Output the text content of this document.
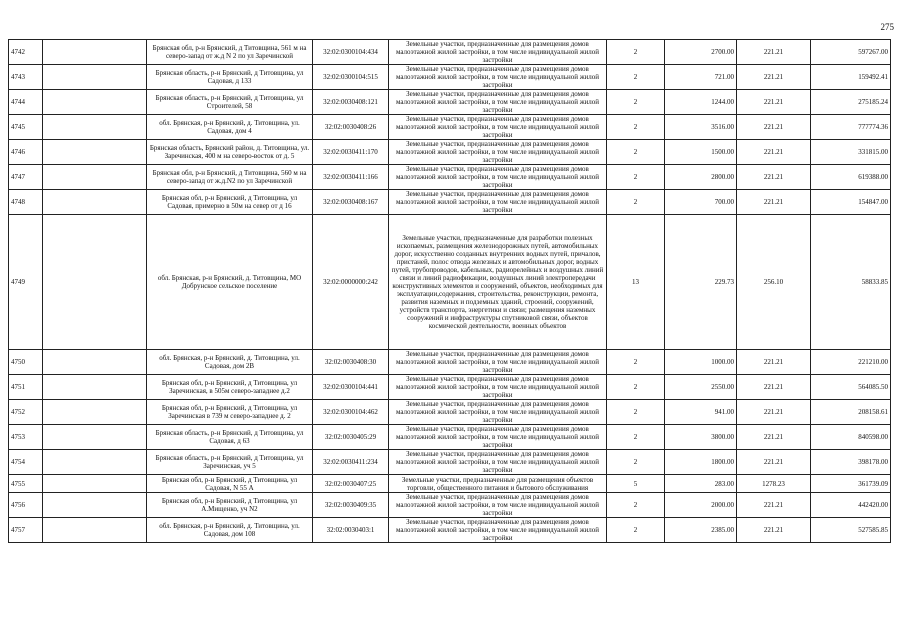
275
4742		Брянская обл, р-н Брянский, д Титовщина, 561 м на северо-запад от ж.д N 2 по ул Заречинской	32:02:0300104:434	Земельные участки, предназначенные для размещения домов малоэтажной жилой застройки, в том числе индивидуальной жилой застройки	2	2700.00	221.21	597267.00
4743		Брянская область, р-н Брянский, д Титовщина, ул Садовая, д 133	32:02:0300104:515	Земельные участки, предназначенные для размещения домов малоэтажной жилой застройки, в том числе индивидуальной жилой застройки	2	721.00	221.21	159492.41
4744		Брянская область, р-н Брянский, д Титовщина, ул Строителей, 58	32:02:0030408:121	Земельные участки, предназначенные для размещения домов малоэтажной жилой застройки, в том числе индивидуальной жилой застройки	2	1244.00	221.21	275185.24
4745		обл. Брянская, р-н Брянский, д. Титовщина, ул. Садовая, дом 4	32:02:0030408:26	Земельные участки, предназначенные для размещения домов малоэтажной жилой застройки, в том числе индивидуальной жилой застройки	2	3516.00	221.21	777774.36
4746		Брянская область, Брянский район, д. Титовщина, ул. Заречинская, 400 м на северо-восток от д. 5	32:02:0030411:170	Земельные участки, предназначенные для размещения домов малоэтажной жилой застройки, в том числе индивидуальной жилой застройки	2	1500.00	221.21	331815.00
4747		Брянская обл, р-н Брянский, д Титовщина, 560 м на северо-запад от ж.д.N2 по ул Заречинской	32:02:0030411:166	Земельные участки, предназначенные для размещения домов малоэтажной жилой застройки, в том числе индивидуальной жилой застройки	2	2800.00	221.21	619388.00
4748		Брянская обл, р-н Брянский, д Титовщина, ул Садовая, примерно в 50м на север от д 16	32:02:0030408:167	Земельные участки, предназначенные для размещения домов малоэтажной жилой застройки, в том числе индивидуальной жилой застройки	2	700.00	221.21	154847.00
4749		обл. Брянская, р-н Брянский, д. Титовщина, МО Добрунское сельское поселение	32:02:0000000:242	Земельные участки, предназначенные для разработки полезных ископаемых, размещения железнодорожных путей, автомобильных дорог, искусственно созданных внутренних водных путей, причалов, пристаней, полос отвода железных и автомобильных дорог, водных путей, трубопроводов, кабельных, радиорелейных и воздушных линий связи и линий радиофикации, воздушных линий электропередачи конструктивных элементов и сооружений, объектов, необходимых для эксплуатации,содержания, строительства, реконструкции, ремонта, развития наземных и подземных зданий, строений, сооружений, устройств транспорта, энергетики и связи; размещения наземных сооружений и инфраструктуры спутниковой связи, объектов космической деятельности, военных объектов	13	229.73	256.10	58833.85
4750		обл. Брянская, р-н Брянский, д. Титовщина, ул. Садовая, дом 2В	32:02:0030408:30	Земельные участки, предназначенные для размещения домов малоэтажной жилой застройки, в том числе индивидуальной жилой застройки	2	1000.00	221.21	221210.00
4751		Брянская обл, р-н Брянский, д Титовщина, ул Заречинская, в 505м северо-западнее д.2	32:02:0300104:441	Земельные участки, предназначенные для размещения домов малоэтажной жилой застройки, в том числе индивидуальной жилой застройки	2	2550.00	221.21	564085.50
4752		Брянская обл, р-н Брянский, д Титовщина, ул Заречинская в 739 м северо-западнее д. 2	32:02:0300104:462	Земельные участки, предназначенные для размещения домов малоэтажной жилой застройки, в том числе индивидуальной жилой застройки	2	941.00	221.21	208158.61
4753		Брянская область, р-н Брянский, д Титовщина, ул Садовая, д 63	32:02:0030405:29	Земельные участки, предназначенные для размещения домов малоэтажной жилой застройки, в том числе индивидуальной жилой застройки	2	3800.00	221.21	840598.00
4754		Брянская область, р-н Брянский, д Титовщина, ул Заречинская, уч 5	32:02:0030411:234	Земельные участки, предназначенные для размещения домов малоэтажной жилой застройки, в том числе индивидуальной жилой застройки	2	1800.00	221.21	398178.00
4755		Брянская обл, р-н Брянский, д Титовщина, ул Садовая, N 55 А	32:02:0030407:25	Земельные участки, предназначенные для размещения объектов торговли, общественного питания и бытового обслуживания	5	283.00	1278.23	361739.09
4756		Брянская обл, р-н Брянский, д Титовщина, ул А.Мищенко, уч N2	32:02:0030409:35	Земельные участки, предназначенные для размещения домов малоэтажной жилой застройки, в том числе индивидуальной жилой застройки	2	2000.00	221.21	442420.00
4757		обл. Брянская, р-н Брянский, д. Титовщина, ул. Садовая, дом 108	32:02:0030403:1	Земельные участки, предназначенные для размещения домов малоэтажной жилой застройки, в том числе индивидуальной жилой застройки	2	2385.00	221.21	527585.85
